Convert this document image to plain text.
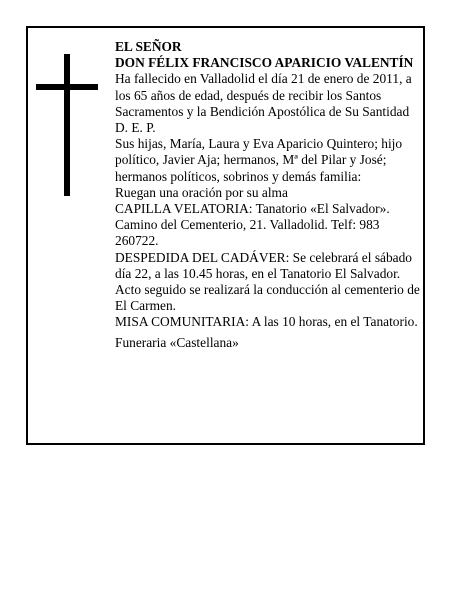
EL SEÑOR

DON FÉLIX FRANCISCO APARICIO VALENTÍN

Ha fallecido en Valladolid el día 21 de enero de 2011, a los 65 años de edad, después de recibir los Santos Sacramentos y la Bendición Apostólica de Su Santidad

D. E. P.

Sus hijas, María, Laura y Eva Aparicio Quintero; hijo político, Javier Aja; hermanos, Mª del Pilar y José; hermanos políticos, sobrinos y demás familia:

Ruegan una oración por su alma

CAPILLA VELATORIA: Tanatorio «El Salvador». Camino del Cementerio, 21. Valladolid. Telf: 983 260722.

DESPEDIDA DEL CADÁVER: Se celebrará el sábado día 22, a las 10.45 horas, en el Tanatorio El Salvador. Acto seguido se realizará la conducción al cementerio de El Carmen.

MISA COMUNITARIA: A las 10 horas, en el Tanatorio.

Funeraria «Castellana»
